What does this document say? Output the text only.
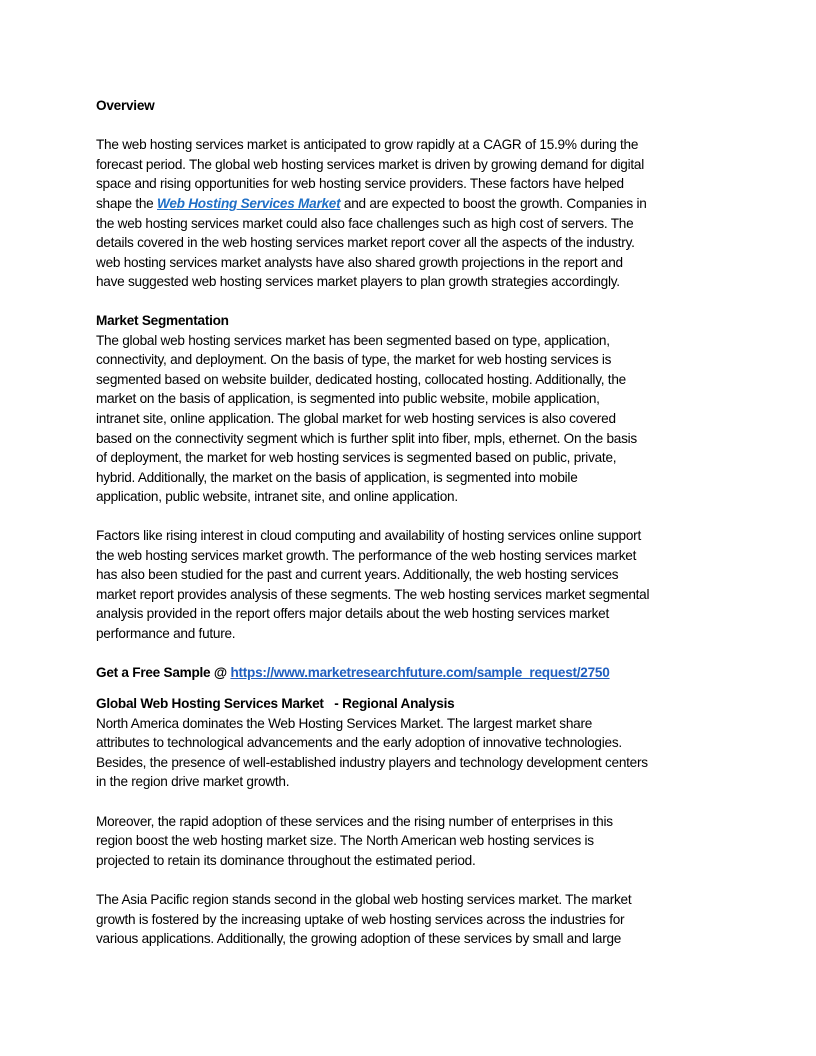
Overview

The web hosting services market is anticipated to grow rapidly at a CAGR of 15.9% during the
forecast period. The global web hosting services market is driven by growing demand for digital
space and rising opportunities for web hosting service providers. These factors have helped
shape the Web Hosting Services Market and are expected to boost the growth. Companies in
the web hosting services market could also face challenges such as high cost of servers. The
details covered in the web hosting services market report cover all the aspects of the industry.
web hosting services market analysts have also shared growth projections in the report and
have suggested web hosting services market players to plan growth strategies accordingly.
Market Segmentation
The global web hosting services market has been segmented based on type, application,
connectivity, and deployment. On the basis of type, the market for web hosting services is
segmented based on website builder, dedicated hosting, collocated hosting. Additionally, the
market on the basis of application, is segmented into public website, mobile application,
intranet site, online application. The global market for web hosting services is also covered
based on the connectivity segment which is further split into fiber, mpls, ethernet. On the basis
of deployment, the market for web hosting services is segmented based on public, private,
hybrid. Additionally, the market on the basis of application, is segmented into mobile
application, public website, intranet site, and online application.
Factors like rising interest in cloud computing and availability of hosting services online support
the web hosting services market growth. The performance of the web hosting services market
has also been studied for the past and current years. Additionally, the web hosting services
market report provides analysis of these segments. The web hosting services market segmental
analysis provided in the report offers major details about the web hosting services market
performance and future.
Get a Free Sample @ https://www.marketresearchfuture.com/sample_request/2750
Global Web Hosting Services Market   - Regional Analysis
North America dominates the Web Hosting Services Market. The largest market share
attributes to technological advancements and the early adoption of innovative technologies.
Besides, the presence of well-established industry players and technology development centers
in the region drive market growth.

Moreover, the rapid adoption of these services and the rising number of enterprises in this
region boost the web hosting market size. The North American web hosting services is
projected to retain its dominance throughout the estimated period.

The Asia Pacific region stands second in the global web hosting services market. The market
growth is fostered by the increasing uptake of web hosting services across the industries for
various applications. Additionally, the growing adoption of these services by small and large
